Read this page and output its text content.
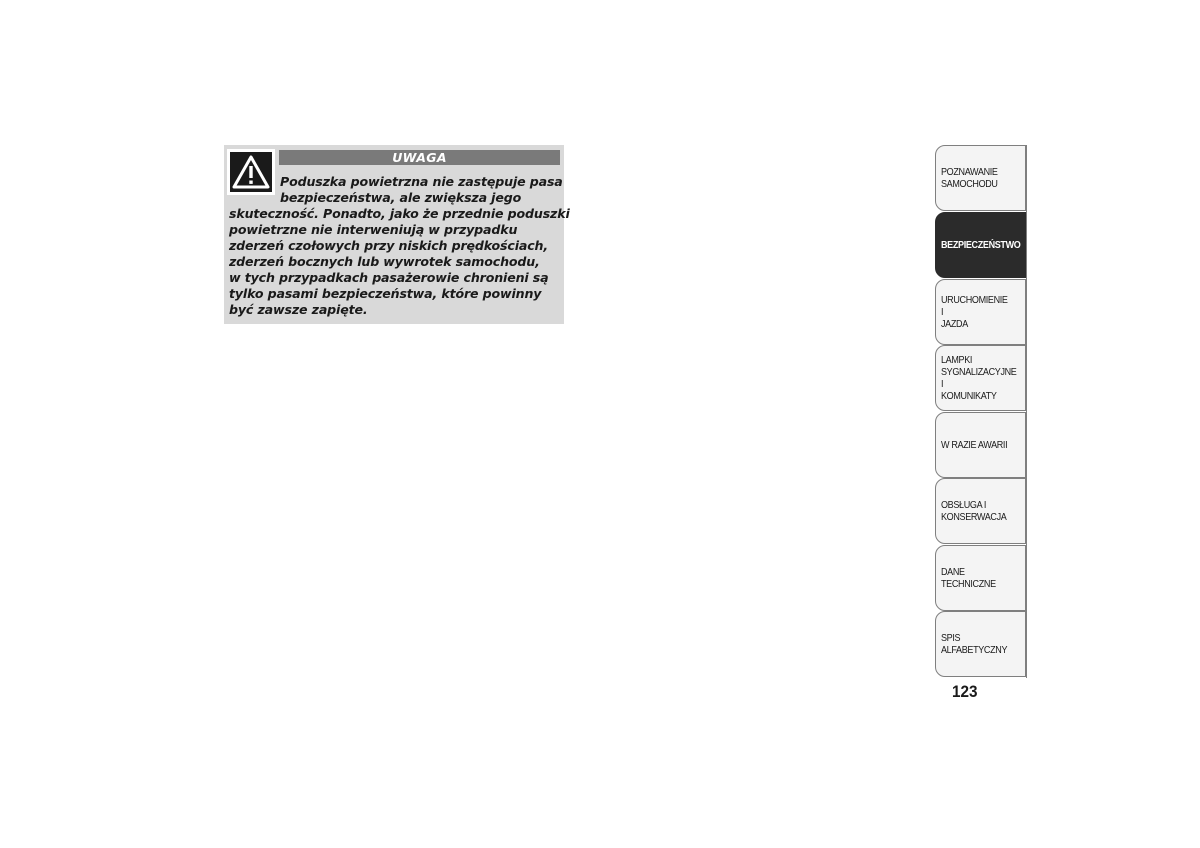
UWAGA
Poduszka powietrzna nie zastępuje pasa
bezpieczeństwa, ale zwiększa jego
skuteczność. Ponadto, jako że przednie poduszki
powietrzne nie interweniują w przypadku
zderzeń czołowych przy niskich prędkościach,
zderzeń bocznych lub wywrotek samochodu,
w tych przypadkach pasażerowie chronieni są
tylko pasami bezpieczeństwa, które powinny
być zawsze zapięte.
POZNAWANIE
SAMOCHODU
BEZPIECZEŃSTWO
URUCHOMIENIE I
JAZDA
LAMPKI
SYGNALIZACYJNE I
KOMUNIKATY
W RAZIE AWARII
OBSŁUGA I
KONSERWACJA
DANE TECHNICZNE
SPIS ALFABETYCZNY
123
